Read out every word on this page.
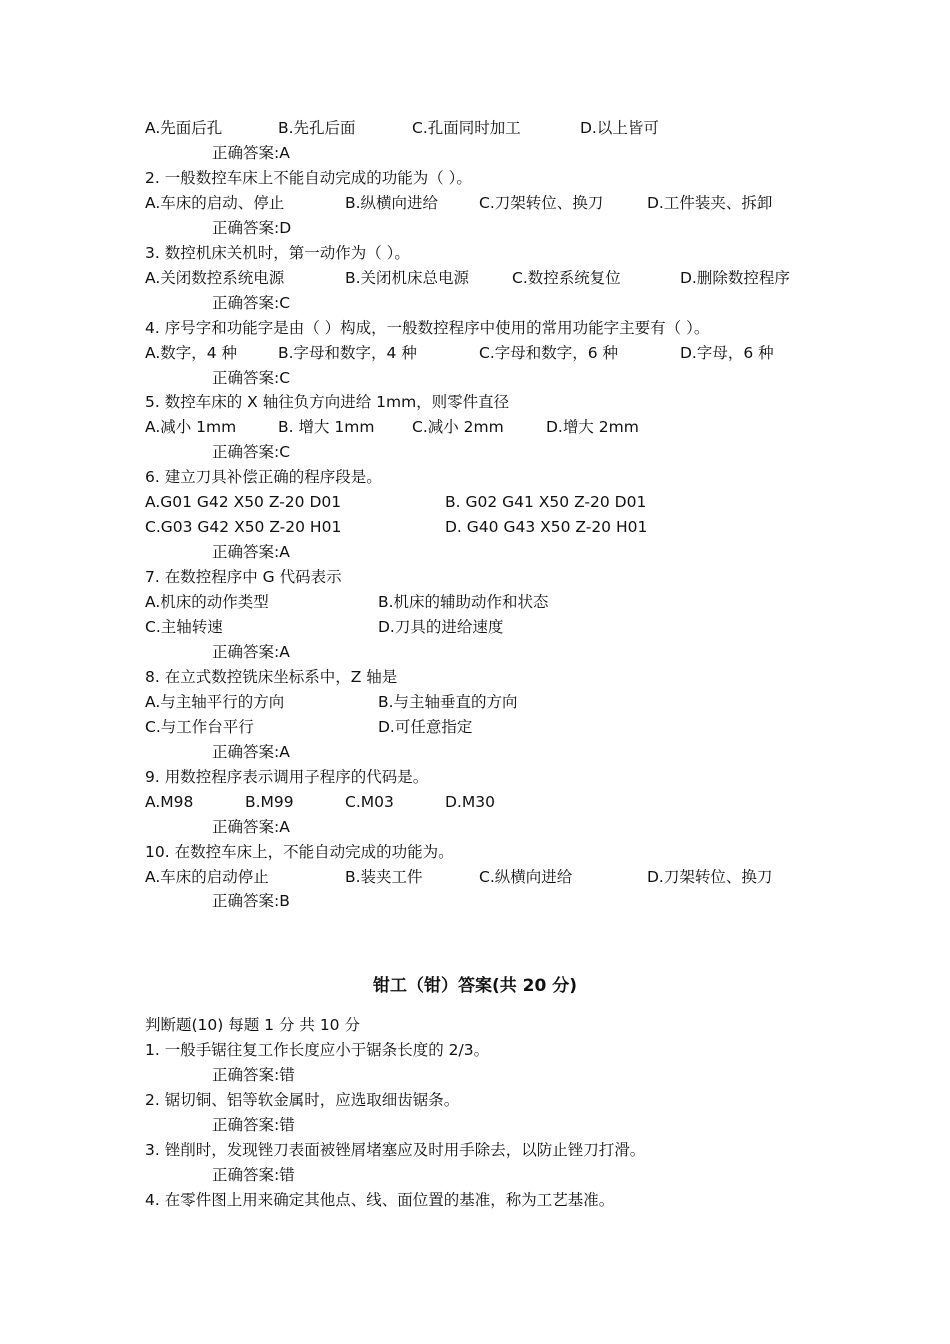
A.先面后孔	B.先孔后面	C.孔面同时加工	D.以上皆可
正确答案:A
2. 一般数控车床上不能自动完成的功能为（ ）。
A.车床的启动、停止	B.纵横向进给	C.刀架转位、换刀	D.工件装夹、拆卸
正确答案:D
3. 数控机床关机时，第一动作为（ ）。
A.关闭数控系统电源	B.关闭机床总电源	C.数控系统复位	D.删除数控程序
正确答案:C
4. 序号字和功能字是由（ ）构成，一般数控程序中使用的常用功能字主要有（ ）。
A.数字，4 种	B.字母和数字，4 种	C.字母和数字，6 种	D.字母，6 种
正确答案:C
5. 数控车床的 X 轴往负方向进给 1mm，则零件直径
A.减小 1mm	B. 增大 1mm C.减小 2mm	D.增大 2mm
正确答案:C
6. 建立刀具补偿正确的程序段是。
A.G01 G42 X50 Z-20 D01	B. G02 G41 X50 Z-20 D01
C.G03 G42 X50 Z-20 H01	D. G40 G43 X50 Z-20 H01
正确答案:A
7. 在数控程序中 G 代码表示
A.机床的动作类型	B.机床的辅助动作和状态
C.主轴转速	D.刀具的进给速度
正确答案:A
8. 在立式数控铣床坐标系中，Z 轴是
A.与主轴平行的方向	B.与主轴垂直的方向
C.与工作台平行	D.可任意指定
正确答案:A
9. 用数控程序表示调用子程序的代码是。
A.M98	B.M99	C.M03	D.M30
正确答案:A
10. 在数控车床上，不能自动完成的功能为。
A.车床的启动停止	B.装夹工件	C.纵横向进给	D.刀架转位、换刀
正确答案:B
钳工（钳）答案(共 20 分)
判断题(10) 每题 1 分 共 10 分
1. 一般手锯往复工作长度应小于锯条长度的 2/3。
正确答案:错
2. 锯切铜、铝等软金属时，应选取细齿锯条。
正确答案:错
3. 锉削时，发现锉刀表面被锉屑堵塞应及时用手除去，以防止锉刀打滑。
正确答案:错
4. 在零件图上用来确定其他点、线、面位置的基准，称为工艺基准。
